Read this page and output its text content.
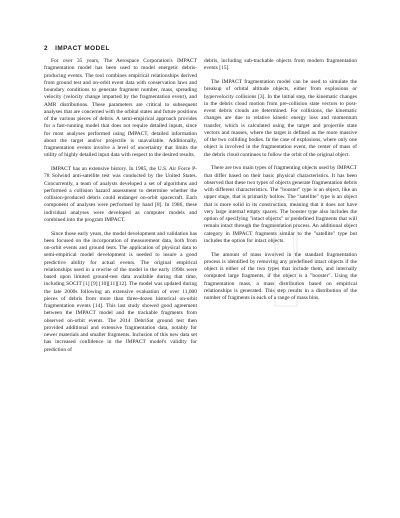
2 IMPACT MODEL

For over 35 years, The Aerospace Corporation's IMPACT fragmentation model has been used to model energetic debris-producing events. The tool combines empirical relationships derived from ground test and on-orbit event data with conservation laws and boundary conditions to generate fragment number, mass, spreading velocity (velocity change imparted by the fragmentation event), and AMR distributions. These parameters are critical to subsequent analyses that are concerned with the orbital states and future positions of the various pieces of debris. A semi-empirical approach provides for a fast-running model that does not require detailed inputs, since for most analyses performed using IMPACT, detailed information about the target and/or projectile is unavailable. Additionally, fragmentation events involve a level of uncertainty that limits the utility of highly detailed input data with respect to the desired results.

IMPACT has an extensive history. In 1985, the U.S. Air Force P-78 Solwind anti-satellite test was conducted by the United States. Concurrently, a team of analysts developed a set of algorithms and performed a collision hazard assessment to determine whether the collision-produced debris could endanger on-orbit spacecraft. Each component of analyses were performed by hand [8]. In 1986, these individual analyses were developed as computer models and combined into the program IMPACT.

Since those early years, the model development and validation has been focused on the incorporation of measurement data, both from on-orbit events and ground tests. The application of physical data to semi-empirical model development is needed to insure a good predictive ability for actual events. The original empirical relationships used in a rewrite of the model in the early 1990s were based upon limited ground-test data available during that time, including SOCIT [1] [9] [10][11][12]. The model was updated during the late 2000s following an extensive evaluation of over 11,000 pieces of debris from more than three-dozen historical on-orbit fragmentation events [14]. This last study showed good agreement between the IMPACT model and the trackable fragments from observed on-orbit events. The 2014 DebriSat ground test then provided additional and extensive fragmentation data, notably for newer materials and smaller fragments. Inclusion of this new data set has increased confidence in the IMPACT model's validity for prediction of

debris, including sub-trackable objects from modern fragmentation events [15].

The IMPACT fragmentation model can be used to simulate the breakup of orbital altitude objects, either from explosions or hypervelocity collisions [3]. In the initial step, the kinematic changes in the debris cloud motion from pre-collision state vectors to post-event debris clouds are determined. For collisions, the kinematic changes are due to relative kinetic energy loss and momentum transfer, which is calculated using the target and projectile state vectors and masses, where the target is defined as the more massive of the two colliding bodies. In the case of explosions, where only one object is involved in the fragmentation event, the center of mass of the debris cloud continues to follow the orbit of the original object.

There are two main types of fragmenting objects used by IMPACT that differ based on their basic physical characteristics. It has been observed that these two types of objects generate fragmentation debris with different characteristics. The "booster" type is an object, like an upper stage, that is primarily hollow. The "satellite" type is an object that is more solid in its construction, meaning that it does not have very large internal empty spaces. The booster type also includes the option of specifying "intact objects" or predefined fragments that will remain intact through the fragmentation process. An additional object category in IMPACT fragments similar to the "satellite" type but includes the option for intact objects.

The amount of mass involved in the standard fragmentation process is identified by removing any predefined intact objects if the object is either of the two types that include them, and internally computed large fragments, if the object is a "booster". Using the fragmentation mass, a mass distribution based on empirical relationships is generated. This step results in a distribution of the number of fragments in each of a range of mass bins.
